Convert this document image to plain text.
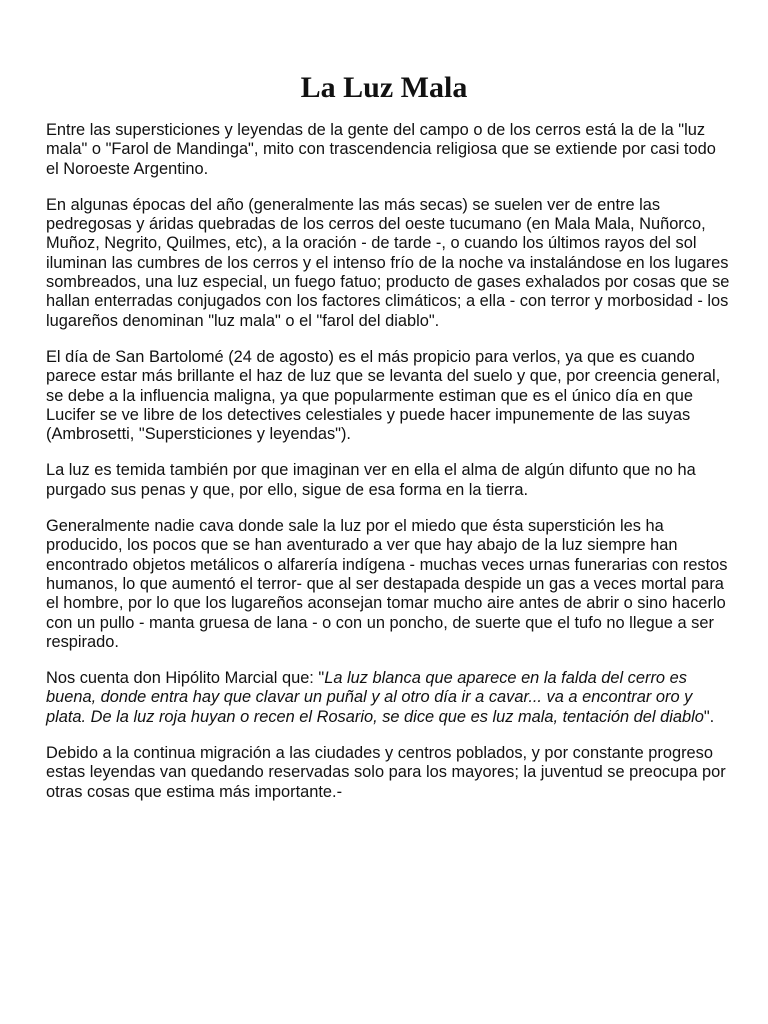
La Luz Mala

Entre las supersticiones y leyendas de la gente del campo o de los cerros está la de la "luz mala" o "Farol de Mandinga", mito con trascendencia religiosa que se extiende por casi todo el Noroeste Argentino.

En algunas épocas del año (generalmente las más secas) se suelen ver de entre las pedregosas y áridas quebradas de los cerros del oeste tucumano (en Mala Mala, Nuñorco, Muñoz, Negrito, Quilmes, etc), a la oración - de tarde -, o cuando los últimos rayos del sol iluminan las cumbres de los cerros y el intenso frío de la noche va instalándose en los lugares sombreados, una luz especial, un fuego fatuo; producto de gases exhalados por cosas que se hallan enterradas conjugados con los factores climáticos; a ella - con terror y morbosidad - los lugareños denominan "luz mala" o el "farol del diablo".

El día de San Bartolomé (24 de agosto) es el más propicio para verlos, ya que es cuando parece estar más brillante el haz de luz que se levanta del suelo y que, por creencia general, se debe a la influencia maligna, ya que popularmente estiman que es el único día en que Lucifer se ve libre de los detectives celestiales y puede hacer impunemente de las suyas (Ambrosetti, "Supersticiones y leyendas").

La luz es temida también por que imaginan ver en ella el alma de algún difunto que no ha purgado sus penas y que, por ello, sigue de esa forma en la tierra.

Generalmente nadie cava donde sale la luz por el miedo que ésta superstición les ha producido, los pocos que se han aventurado a ver que hay abajo de la luz siempre han encontrado objetos metálicos o alfarería indígena - muchas veces urnas funerarias con restos humanos, lo que aumentó el terror- que al ser destapada despide un gas a veces mortal para el hombre, por lo que los lugareños aconsejan tomar mucho aire antes de abrir o sino hacerlo con un pullo - manta gruesa de lana - o con un poncho, de suerte que el tufo no llegue a ser respirado.

Nos cuenta don Hipólito Marcial que: "La luz blanca que aparece en la falda del cerro es buena, donde entra hay que clavar un puñal y al otro día ir a cavar... va a encontrar oro y plata. De la luz roja huyan o recen el Rosario, se dice que es luz mala, tentación del diablo".

Debido a la continua migración a las ciudades y centros poblados, y por constante progreso estas leyendas van quedando reservadas solo para los mayores; la juventud se preocupa por otras cosas que estima más importante.-
